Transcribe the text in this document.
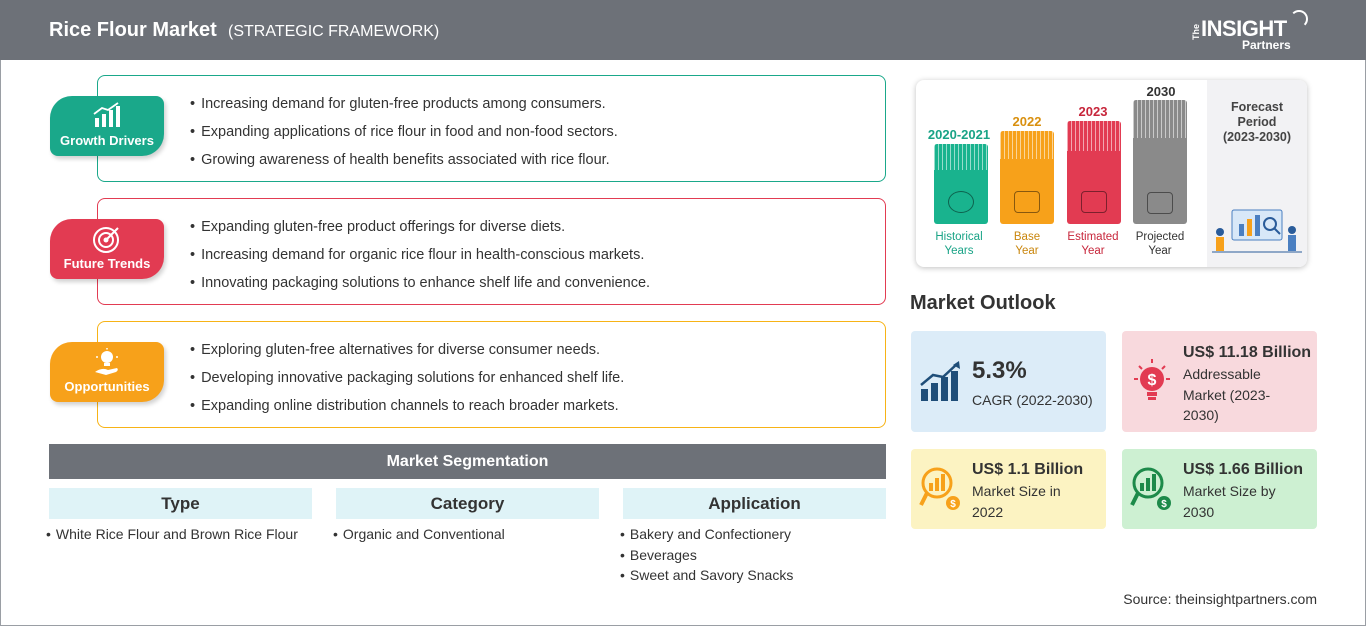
Rice Flour Market (STRATEGIC FRAMEWORK)	The INSIGHT
Partners
• Increasing demand for gluten-free products among consumers.
• Expanding applications of rice flour in food and non-food sectors.
• Growing awareness of health benefits associated with rice flour.
Growth Drivers
• Expanding gluten-free product offerings for diverse diets.
• Increasing demand for organic rice flour in health-conscious markets.
• Innovating packaging solutions to enhance shelf life and convenience.
Future Trends
• Exploring gluten-free alternatives for diverse consumer needs.
• Developing innovative packaging solutions for enhanced shelf life.
• Expanding online distribution channels to reach broader markets.
Opportunities
Market Segmentation
Type	Category	Application
• White Rice Flour and Brown Rice Flour	• Organic and Conventional	• Bakery and Confectionery
• Beverages
• Sweet and Savory Snacks
2020-2021
Historical
Years
2022
Base
Year
2023
Estimated
Year
2030
Projected
Year
Forecast
Period
(2023-2030)
Market Outlook
5.3%
CAGR (2022-2030)
$
US$ 11.18 Billion
Addressable
Market (2023-
2030)
$
US$ 1.1 Billion
Market Size in
2022	$
US$ 1.66 Billion
Market Size by
2030
Source: theinsightpartners.com
